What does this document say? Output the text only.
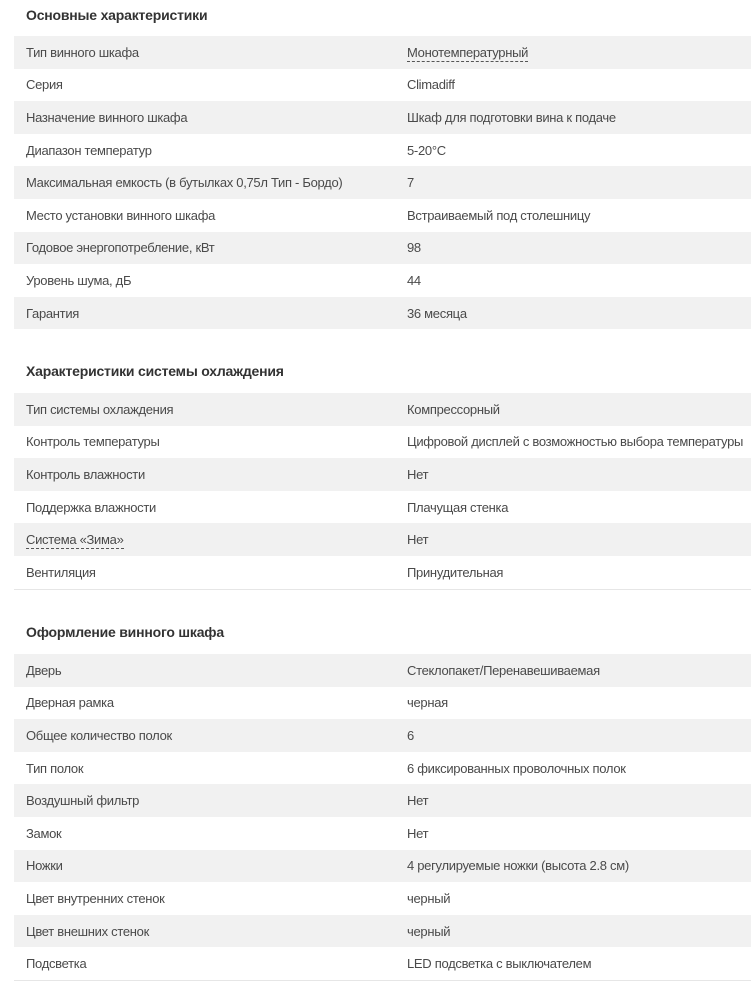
Основные характеристики
Тип винного шкафа	Монотемпературный
Серия	Climadiff
Назначение винного шкафа	Шкаф для подготовки вина к подаче
Диапазон температур	5-20°C
Максимальная емкость (в бутылках 0,75л Тип - Бордо)	7
Место установки винного шкафа	Встраиваемый под столешницу
Годовое энергопотребление, кВт	98
Уровень шума, дБ	44
Гарантия	36 месяца
Характеристики системы охлаждения
Тип системы охлаждения	Компрессорный
Контроль температуры	Цифровой дисплей с возможностью выбора температуры
Контроль влажности	Нет
Поддержка влажности	Плачущая стенка
Система «Зима»	Нет
Вентиляция	Принудительная
Оформление винного шкафа
Дверь	Стеклопакет/Перенавешиваемая
Дверная рамка	черная
Общее количество полок	6
Тип полок	6 фиксированных проволочных полок
Воздушный фильтр	Нет
Замок	Нет
Ножки	4 регулируемые ножки (высота 2.8 см)
Цвет внутренних стенок	черный
Цвет внешних стенок	черный
Подсветка	LED подсветка с выключателем
